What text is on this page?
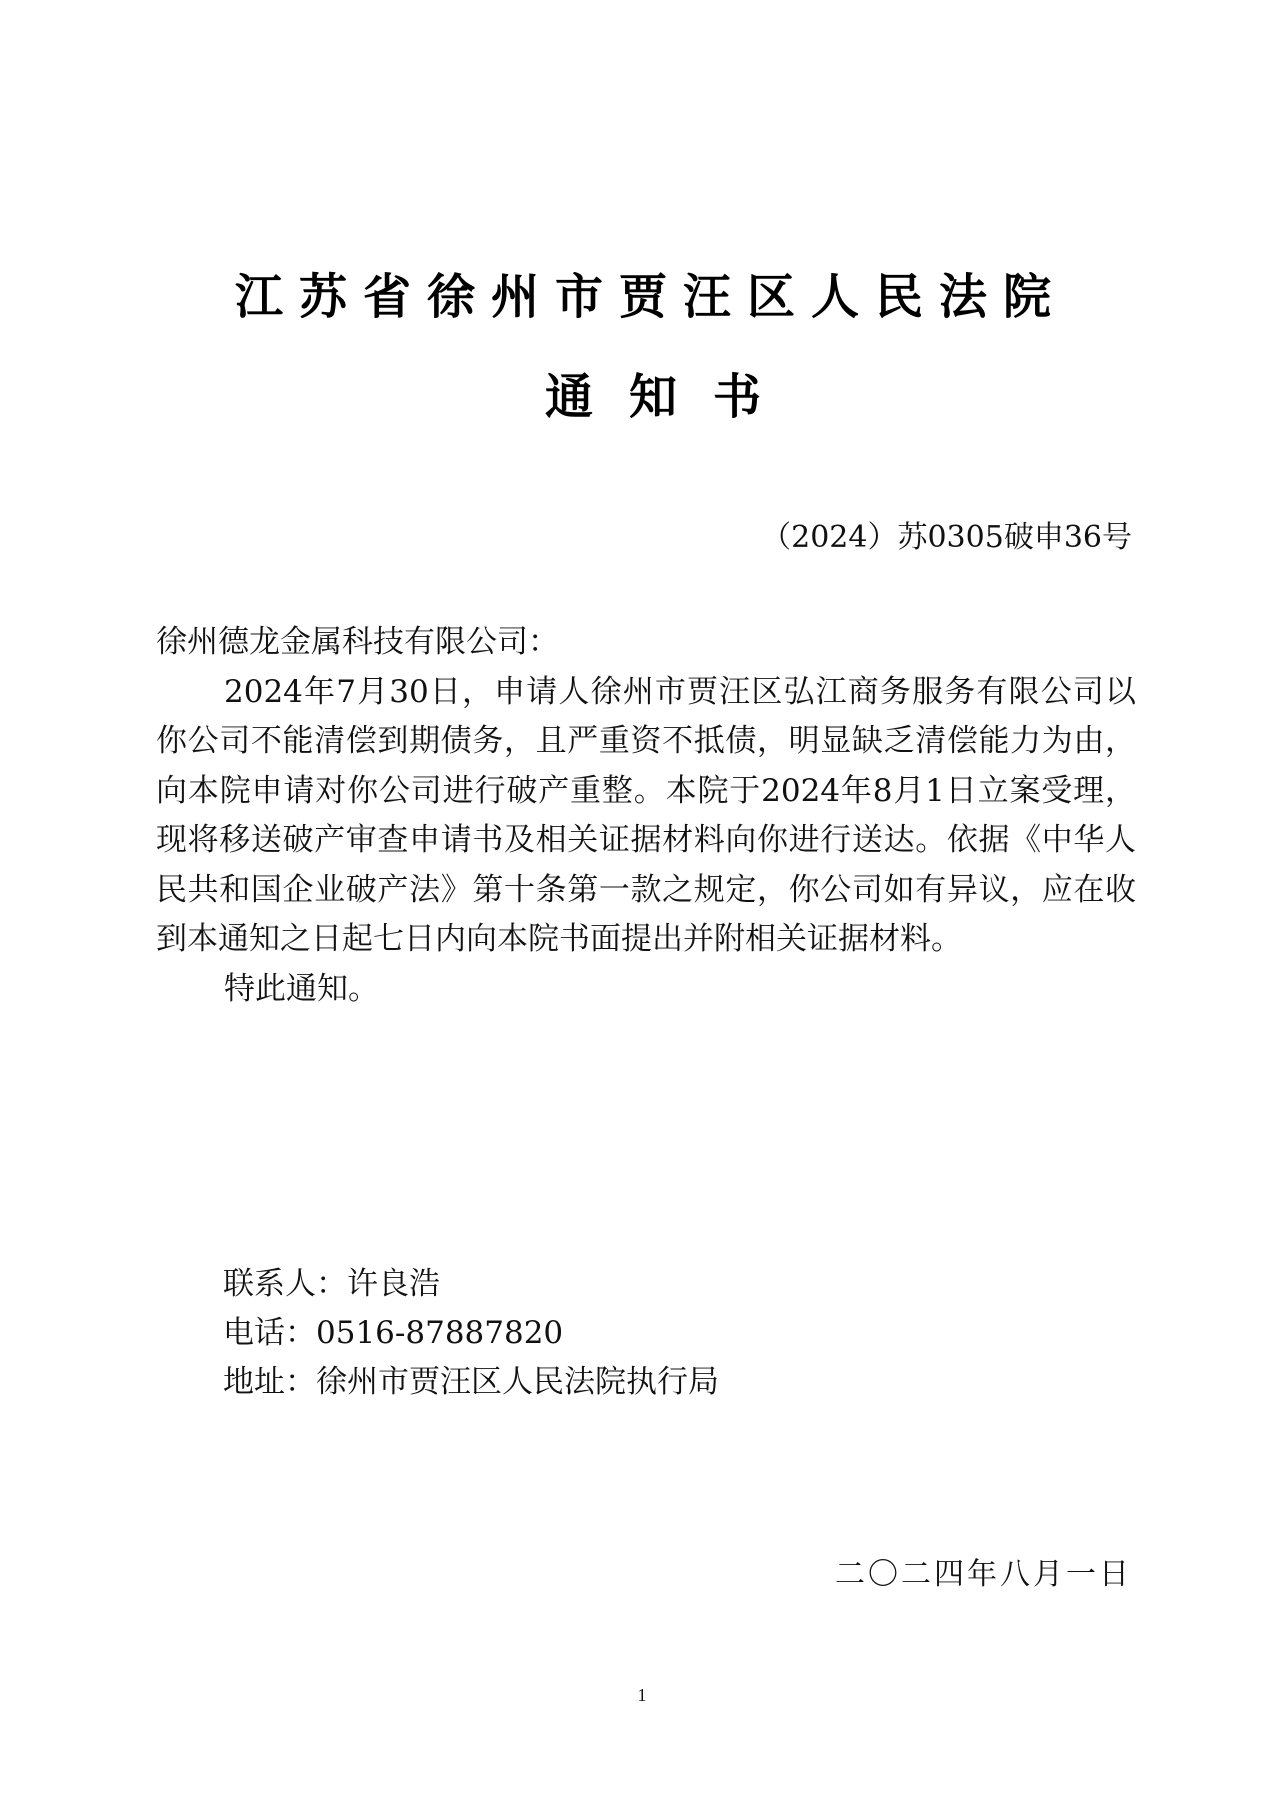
江苏省徐州市贾汪区人民法院
通知书
（2024）苏0305破申36号

徐州德龙金属科技有限公司：

2024年7月30日，申请人徐州市贾汪区弘江商务服务有限公司以你公司不能清偿到期债务，且严重资不抵债，明显缺乏清偿能力为由，向本院申请对你公司进行破产重整。本院于2024年8月1日立案受理，现将移送破产审查申请书及相关证据材料向你进行送达。依据《中华人民共和国企业破产法》第十条第一款之规定，你公司如有异议，应在收到本通知之日起七日内向本院书面提出并附相关证据材料。

特此通知。

联系人：许良浩
电话：0516-87887820
地址：徐州市贾汪区人民法院执行局
二〇二四年八月一日
1
